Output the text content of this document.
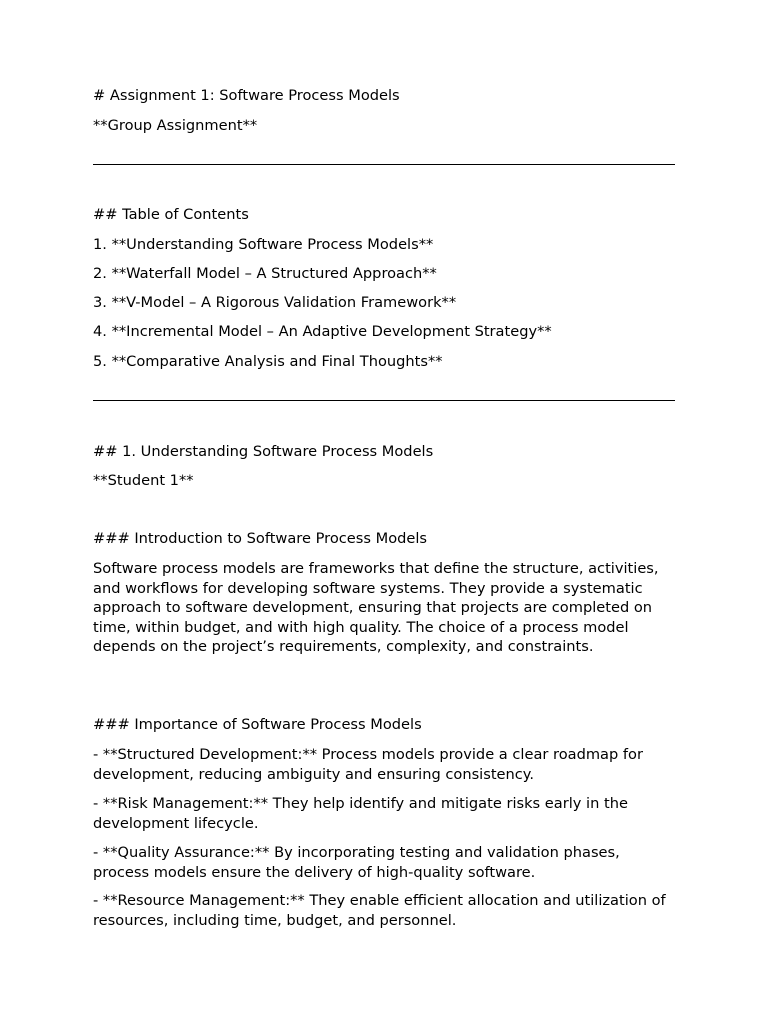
# Assignment 1: Software Process Models

**Group Assignment**

## Table of Contents

1. **Understanding Software Process Models**

2. **Waterfall Model – A Structured Approach**

3. **V-Model – A Rigorous Validation Framework**

4. **Incremental Model – An Adaptive Development Strategy**

5. **Comparative Analysis and Final Thoughts**

## 1. Understanding Software Process Models

**Student 1**

### Introduction to Software Process Models

Software process models are frameworks that define the structure, activities, and workflows for developing software systems. They provide a systematic approach to software development, ensuring that projects are completed on time, within budget, and with high quality. The choice of a process model depends on the project’s requirements, complexity, and constraints.

### Importance of Software Process Models

- **Structured Development:** Process models provide a clear roadmap for development, reducing ambiguity and ensuring consistency.

- **Risk Management:** They help identify and mitigate risks early in the development lifecycle.

- **Quality Assurance:** By incorporating testing and validation phases, process models ensure the delivery of high-quality software.

- **Resource Management:** They enable efficient allocation and utilization of resources, including time, budget, and personnel.
